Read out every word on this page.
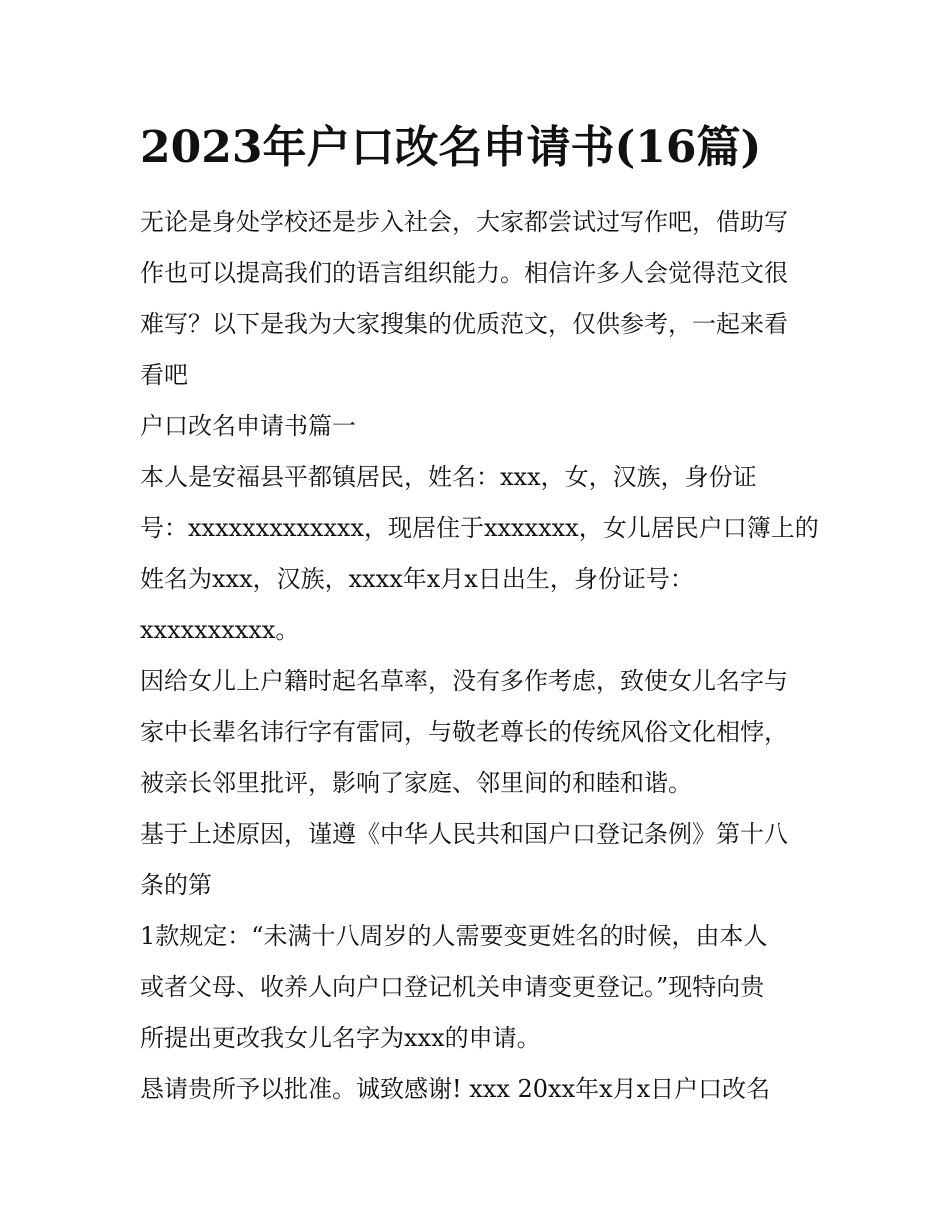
2023年户口改名申请书(16篇)

无论是身处学校还是步入社会，大家都尝试过写作吧，借助写

作也可以提高我们的语言组织能力。相信许多人会觉得范文很

难写？以下是我为大家搜集的优质范文，仅供参考，一起来看

看吧

户口改名申请书篇一

本人是安福县平都镇居民，姓名：xxx，女，汉族，身份证

号：xxxxxxxxxxxxx，现居住于xxxxxxx，女儿居民户口簿上的

姓名为xxx，汉族，xxxx年x月x日出生，身份证号：

xxxxxxxxxx。

因给女儿上户籍时起名草率，没有多作考虑，致使女儿名字与

家中长辈名讳行字有雷同，与敬老尊长的传统风俗文化相悖，

被亲长邻里批评，影响了家庭、邻里间的和睦和谐。

基于上述原因，谨遵《中华人民共和国户口登记条例》第十八

条的第

1款规定：“未满十八周岁的人需要变更姓名的时候，由本人

或者父母、收养人向户口登记机关申请变更登记。”现特向贵

所提出更改我女儿名字为xxx的申请。

恳请贵所予以批准。诚致感谢! xxx 20xx年x月x日户口改名
